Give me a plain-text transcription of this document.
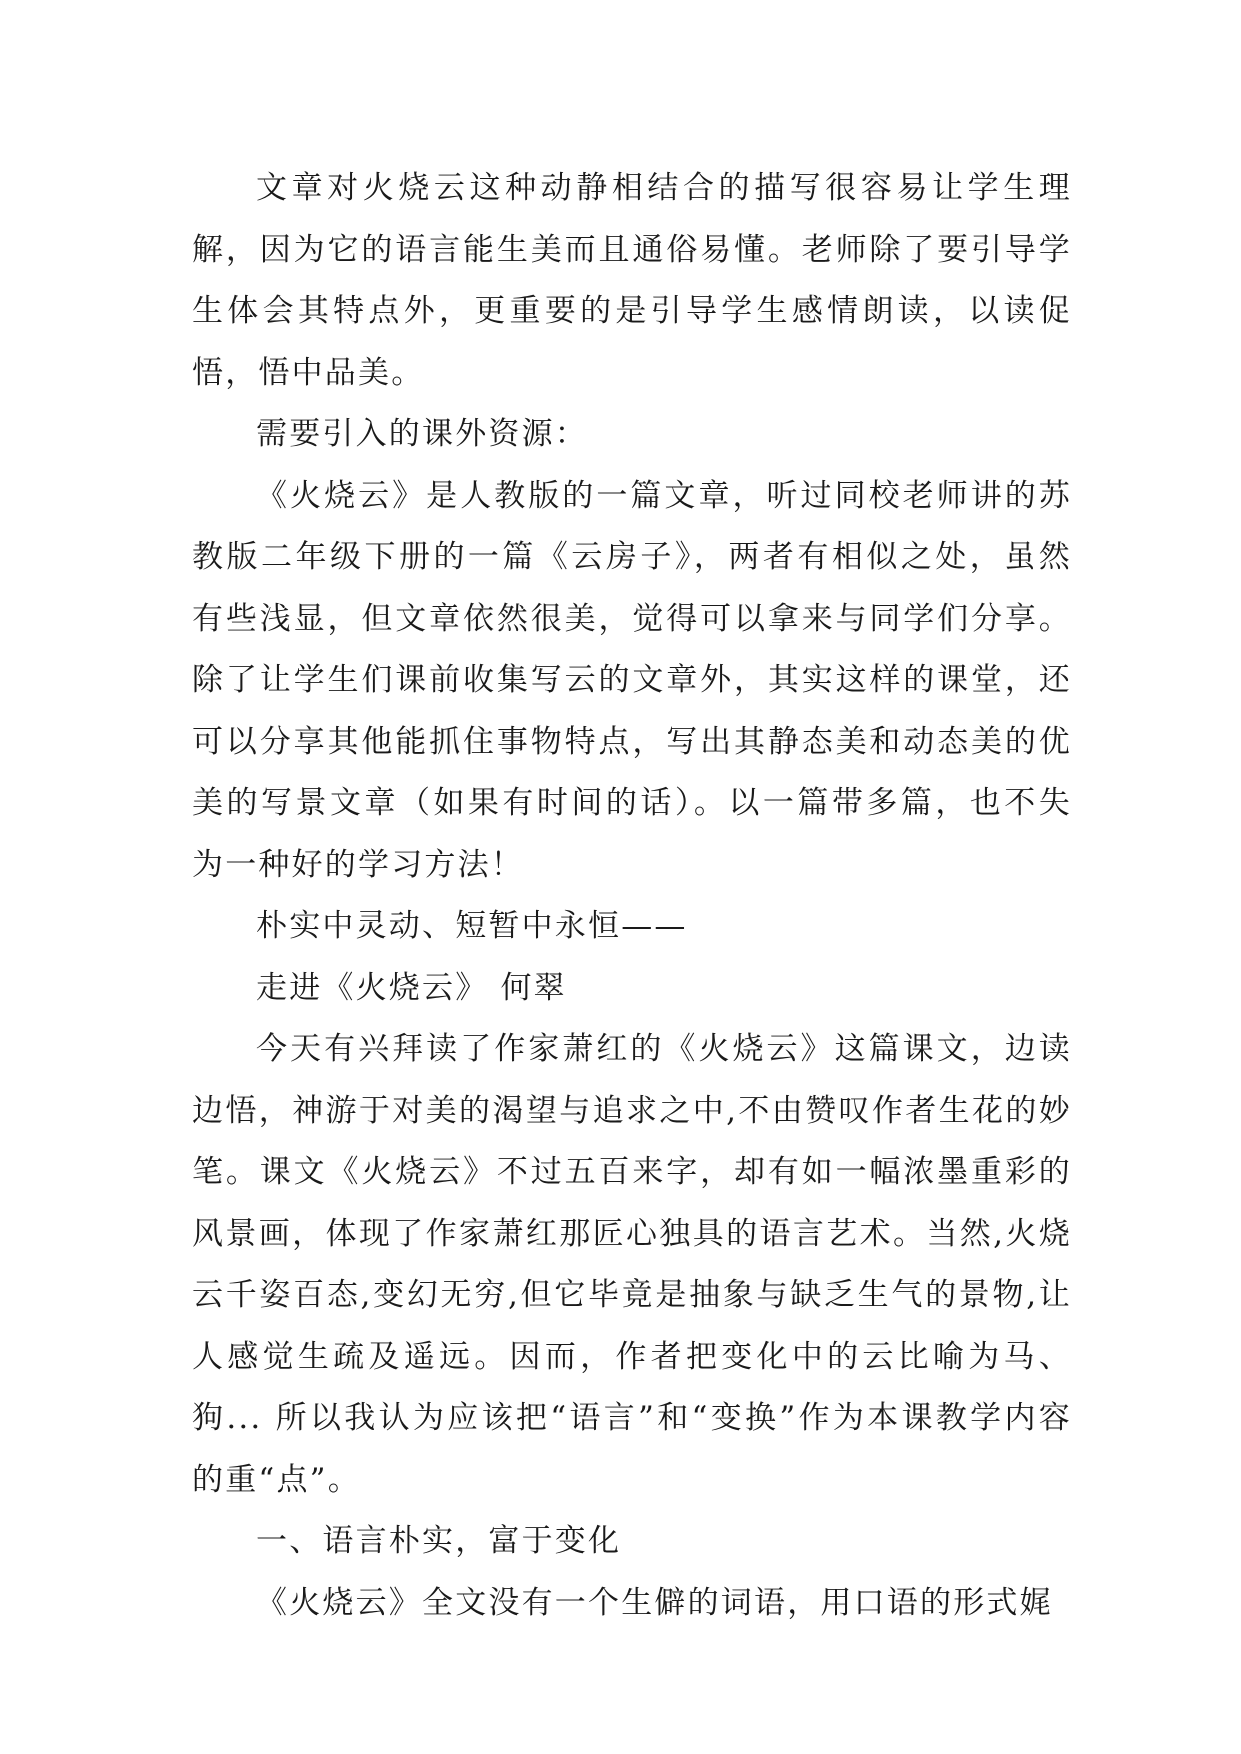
文章对火烧云这种动静相结合的描写很容易让学生理解，因为它的语言能生美而且通俗易懂。老师除了要引导学生体会其特点外，更重要的是引导学生感情朗读，以读促悟，悟中品美。

需要引入的课外资源：

《火烧云》是人教版的一篇文章，听过同校老师讲的苏教版二年级下册的一篇《云房子》，两者有相似之处，虽然有些浅显，但文章依然很美，觉得可以拿来与同学们分享。除了让学生们课前收集写云的文章外，其实这样的课堂，还可以分享其他能抓住事物特点，写出其静态美和动态美的优美的写景文章（如果有时间的话）。以一篇带多篇，也不失为一种好的学习方法！

朴实中灵动、短暂中永恒——

走进《火烧云》 何翠

今天有兴拜读了作家萧红的《火烧云》这篇课文，边读边悟，神游于对美的渴望与追求之中,不由赞叹作者生花的妙笔。课文《火烧云》不过五百来字，却有如一幅浓墨重彩的风景画，体现了作家萧红那匠心独具的语言艺术。当然,火烧云千姿百态,变幻无穷,但它毕竟是抽象与缺乏生气的景物,让人感觉生疏及遥远。因而，作者把变化中的云比喻为马、狗... 所以我认为应该把“语言”和“变换”作为本课教学内容的重“点”。

一、语言朴实，富于变化

《火烧云》全文没有一个生僻的词语，用口语的形式娓
